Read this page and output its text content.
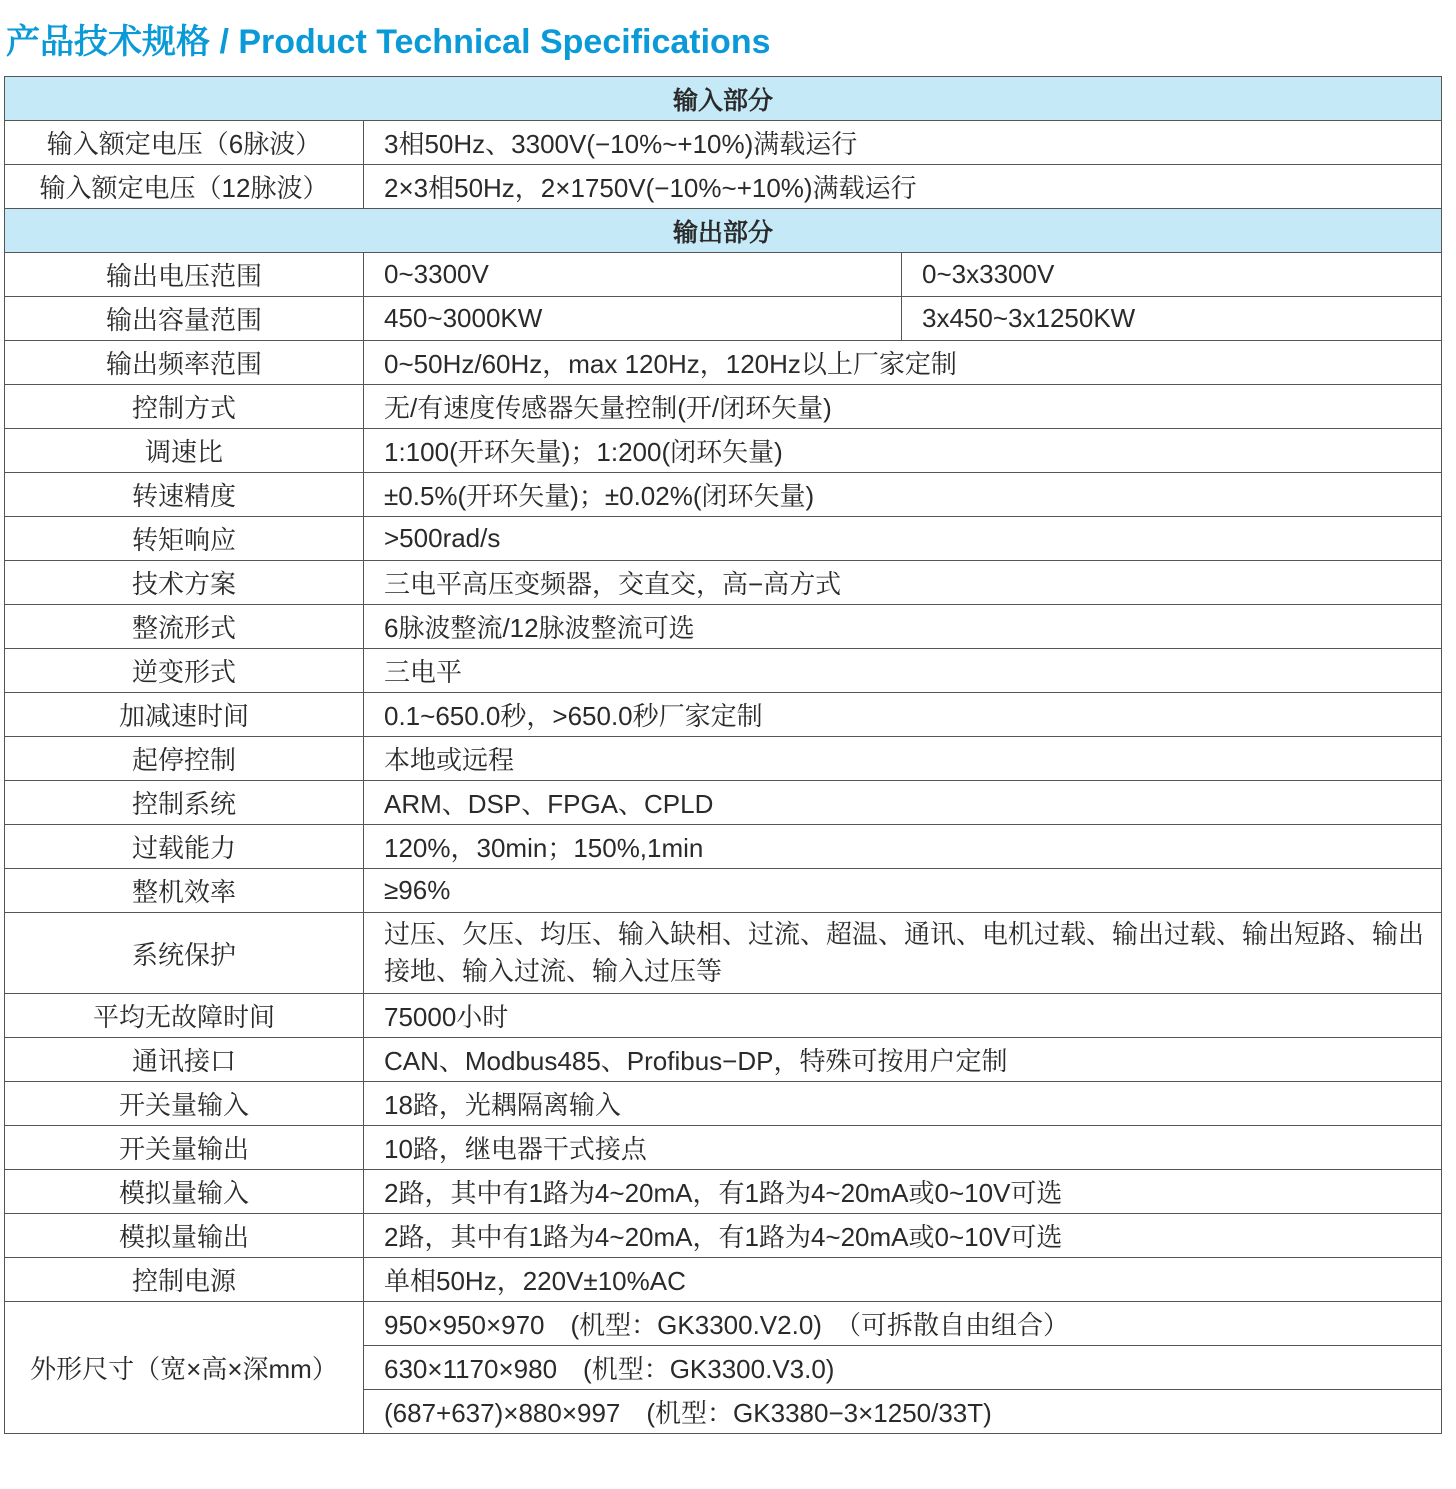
产品技术规格 / Product Technical Specifications
输入部分		
输入额定电压（6脉波）	3相50Hz、3300V(−10%~+10%)满载运行	
输入额定电压（12脉波）	2×3相50Hz，2×1750V(−10%~+10%)满载运行	
输出部分		
输出电压范围	0~3300V	0~3x3300V
输出容量范围	450~3000KW	3x450~3x1250KW
输出频率范围	0~50Hz/60Hz，max 120Hz，120Hz以上厂家定制	
控制方式	无/有速度传感器矢量控制(开/闭环矢量)	
调速比	1:100(开环矢量)；1:200(闭环矢量)	
转速精度	±0.5%(开环矢量)；±0.02%(闭环矢量)	
转矩响应	>500rad/s	
技术方案	三电平高压变频器，交直交，高−高方式	
整流形式	6脉波整流/12脉波整流可选	
逆变形式	三电平	
加减速时间	0.1~650.0秒，>650.0秒厂家定制	
起停控制	本地或远程	
控制系统	ARM、DSP、FPGA、CPLD	
过载能力	120%，30min；150%,1min	
整机效率	≥96%	
系统保护	过压、欠压、均压、输入缺相、过流、超温、通讯、电机过载、输出过载、输出短路、输出接地、输入过流、输入过压等	
平均无故障时间	75000小时	
通讯接口	CAN、Modbus485、Profibus−DP，特殊可按用户定制	
开关量输入	18路，光耦隔离输入	
开关量输出	10路，继电器干式接点	
模拟量输入	2路，其中有1路为4~20mA，有1路为4~20mA或0~10V可选	
模拟量输出	2路，其中有1路为4~20mA，有1路为4~20mA或0~10V可选	
控制电源	单相50Hz，220V±10%AC	
外形尺寸（宽×高×深mm）	950×950×970　(机型：GK3300.V2.0)　（可拆散自由组合）	
	630×1170×980　(机型：GK3300.V3.0)	
	(687+637)×880×997　(机型：GK3380−3×1250/33T)	
